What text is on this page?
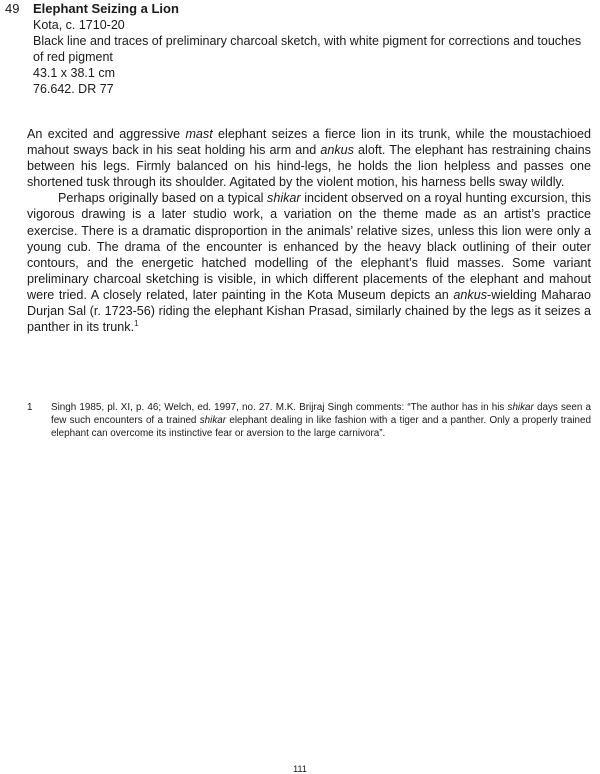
49 Elephant Seizing a Lion
Kota, c. 1710-20
Black line and traces of preliminary charcoal sketch, with white pigment for corrections and touches of red pigment
43.1 x 38.1 cm
76.642. DR 77

An excited and aggressive mast elephant seizes a fierce lion in its trunk, while the moustachioed mahout sways back in his seat holding his arm and ankus aloft. The elephant has restraining chains between his legs. Firmly balanced on his hind-legs, he holds the lion helpless and passes one shortened tusk through its shoulder. Agitated by the violent motion, his harness bells sway wildly.

Perhaps originally based on a typical shikar incident observed on a royal hunting excursion, this vigorous drawing is a later studio work, a variation on the theme made as an artist’s practice exercise. There is a dramatic disproportion in the animals’ relative sizes, unless this lion were only a young cub. The drama of the encounter is enhanced by the heavy black outlining of their outer contours, and the energetic hatched modelling of the elephant’s fluid masses. Some variant preliminary charcoal sketching is visible, in which different placements of the elephant and mahout were tried. A closely related, later painting in the Kota Museum depicts an ankus-wielding Maharao Durjan Sal (r. 1723-56) riding the elephant Kishan Prasad, similarly chained by the legs as it seizes a panther in its trunk.$^1$

1 Singh 1985, pl. XI, p. 46; Welch, ed. 1997, no. 27. M.K. Brijraj Singh comments: “The author has in his shikar days seen a few such encounters of a trained shikar elephant dealing in like fashion with a tiger and a panther. Only a properly trained elephant can overcome its instinctive fear or aversion to the large carnivora”.
111
